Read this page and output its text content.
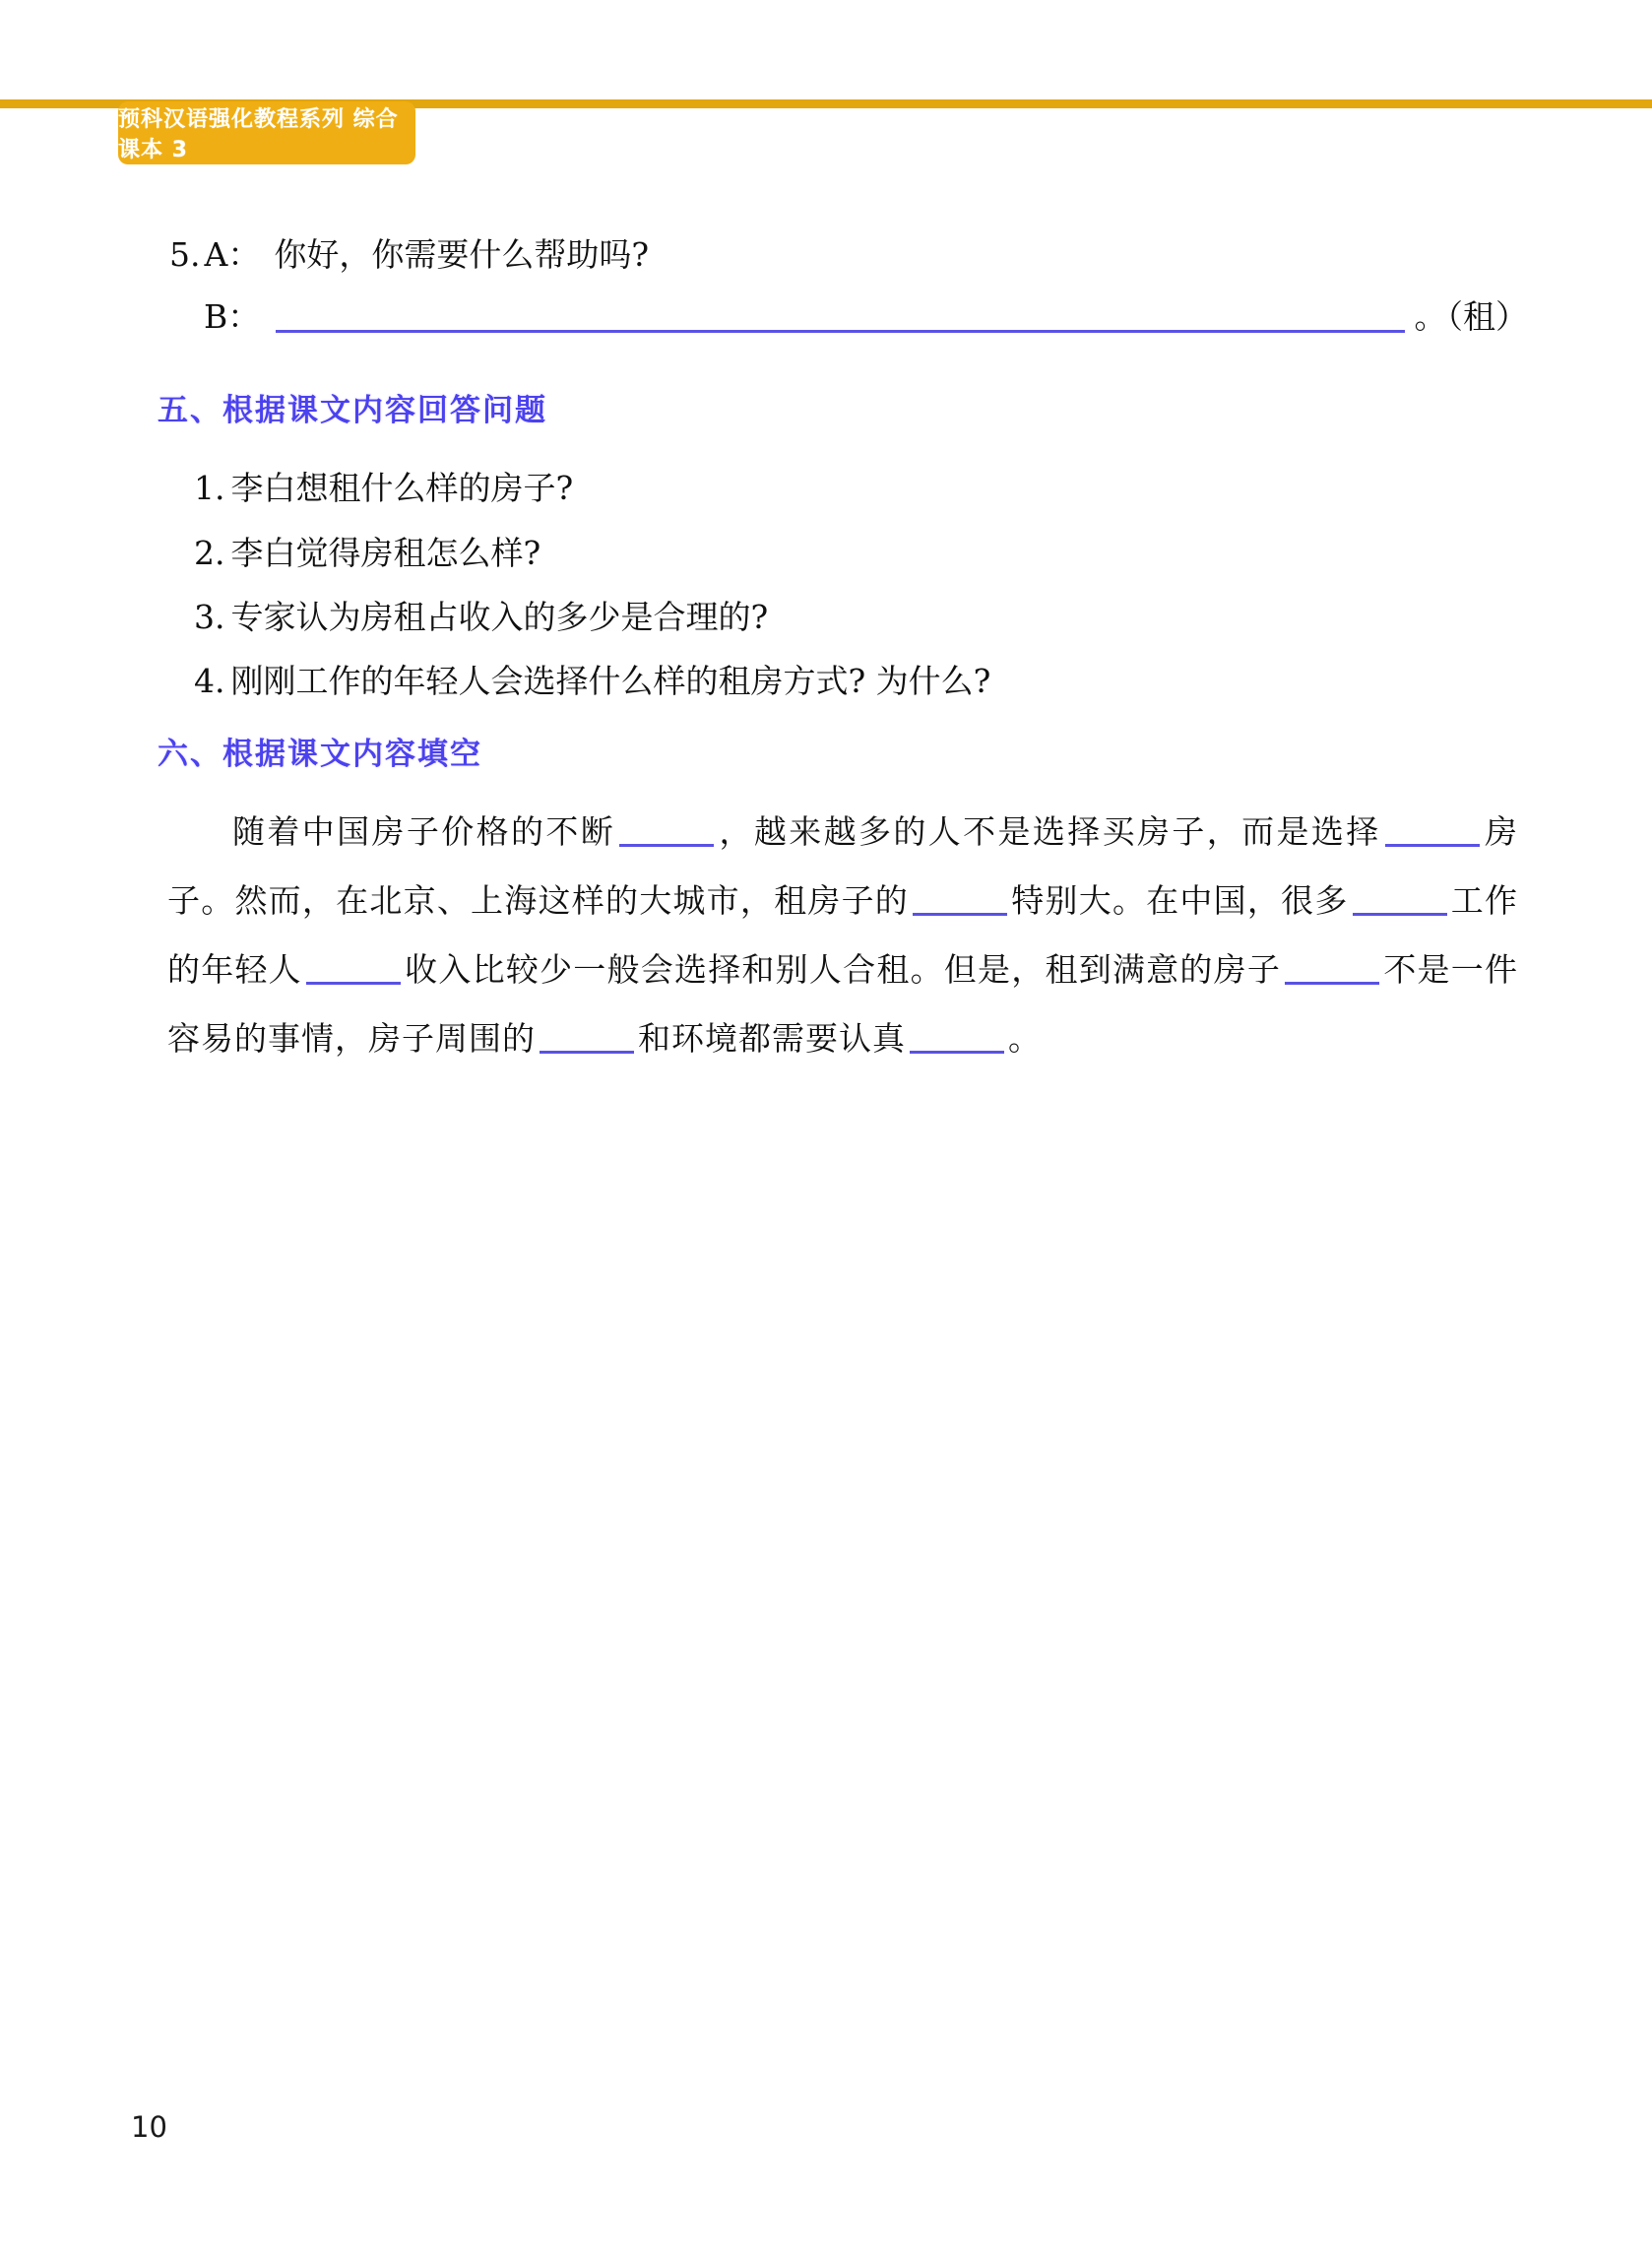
预科汉语强化教程系列 综合课本 3
5. A： 你好，你需要什么帮助吗?
B：	。（租）
五、根据课文内容回答问题
1. 李白想租什么样的房子?
2. 李白觉得房租怎么样?
3. 专家认为房租占收入的多少是合理的?
4. 刚刚工作的年轻人会选择什么样的租房方式? 为什么?
六、根据课文内容填空
随着中国房子价格的不断	，越来越多的人不是选择买房子，而是选择	房子。然而，在北京、上海这样的大城市，租房子的	特别大。在中国，很多	工作的年轻人	收入比较少一般会选择和别人合租。但是，租到满意的房子	不是一件容易的事情，房子周围的	和环境都需要认真	。
10
